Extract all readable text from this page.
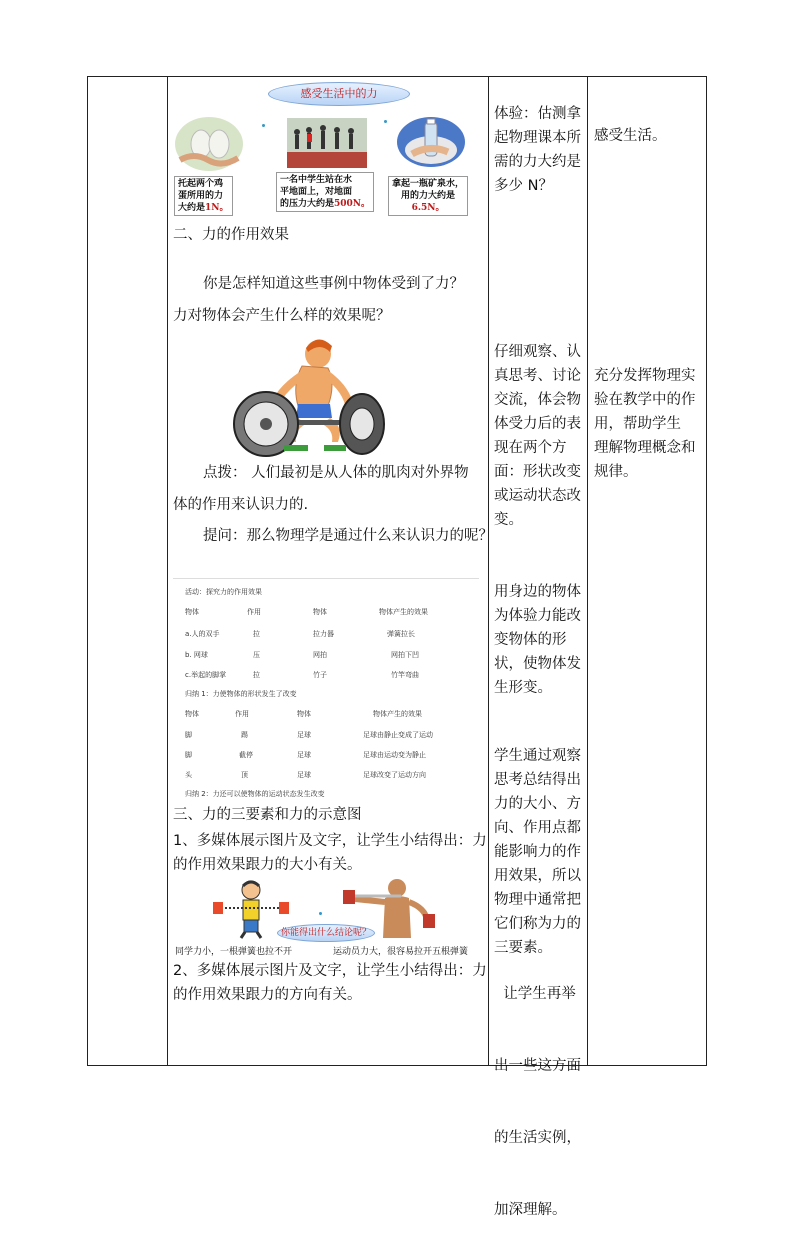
感受生活中的力
托起两个鸡
蛋所用的力
大约是1N。
一名中学生站在水
平地面上，对地面
的压力大约是500N。
拿起一瓶矿泉水，
用的力大约是
6.5N。
二、力的作用效果
你是怎样知道这些事例中物体受到了力？
力对物体会产生什么样的效果呢？
点拨： 人们最初是从人体的肌肉对外界物
体的作用来认识力的.
提问：那么物理学是通过什么来认识力的呢？
活动：探究力的作用效果
物体	作用	物体	物体产生的效果
a.人的双手	拉	拉力器	弹簧拉长
b. 网球	压	网拍	网拍下凹
c.举起的脚掌	拉	竹子	竹竿弯曲
归纳 1：力使物体的形状发生了改变
物体	作用	物体	物体产生的效果
脚	踢	足球	足球由静止变成了运动
脚	截停	足球	足球由运动变为静止
头	顶	足球	足球改变了运动方向
归纳 2：力还可以使物体的运动状态发生改变
三、力的三要素和力的示意图
1、多媒体展示图片及文字，让学生小结得出：力
的作用效果跟力的大小有关。
你能得出什么结论呢？
同学力小，一根弹簧也拉不开	运动员力大，很容易拉开五根弹簧
2、多媒体展示图片及文字，让学生小结得出：力
的作用效果跟力的方向有关。
体验：估测拿
起物理课本所
需的力大约是
多少 N？
仔细观察、认
真思考、讨论
交流，体会物
体受力后的表
现在两个方
面：形状改变
或运动状态改
变。
用身边的物体
为体验力能改
变物体的形
状，使物体发
生形变。
学生通过观察
思考总结得出
力的大小、方
向、作用点都
能影响力的作
用效果，所以
物理中通常把
它们称为力的
三要素。

让学生再举

出一些这方面

的生活实例，

加深理解。

感受生活。
充分发挥物理实
验在教学中的作
用，帮助学生
理解物理概念和
规律。
